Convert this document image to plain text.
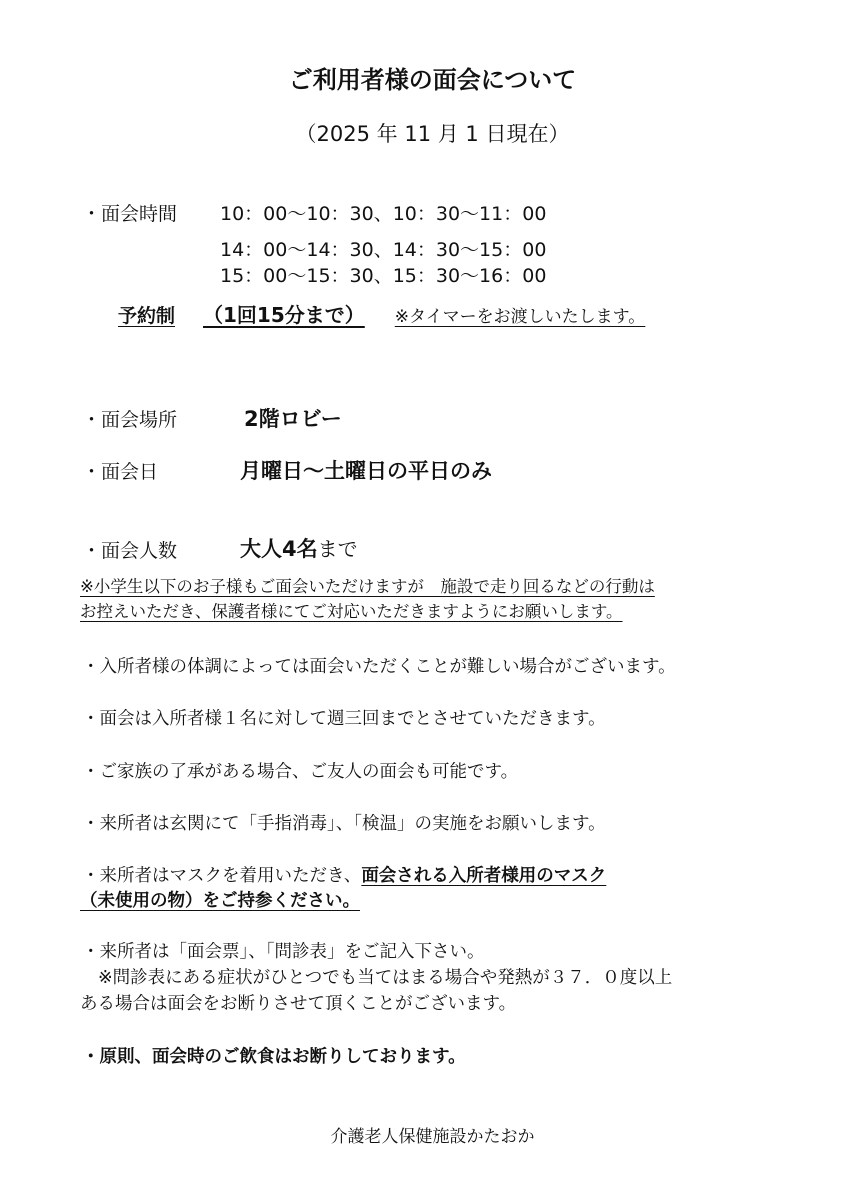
ご利用者様の面会について
（2025 年 11 月 1 日現在）
・面会時間 10：00～10：30、10：30～11：00
14：00～14：30、14：30～15：00
15：00～15：30、15：30～16：00
予約制 （1回15分まで） ※タイマーをお渡しいたします。
・面会場所	2階ロビー
・面会日	月曜日～土曜日の平日のみ
・面会人数	大人4名まで
※小学生以下のお子様もご面会いただけますが　施設で走り回るなどの行動は
お控えいただき、保護者様にてご対応いただきますようにお願いします。
・入所者様の体調によっては面会いただくことが難しい場合がございます。
・面会は入所者様１名に対して週三回までとさせていただきます。
・ご家族の了承がある場合、ご友人の面会も可能です。
・来所者は玄関にて「手指消毒」、「検温」の実施をお願いします。
・来所者はマスクを着用いただき、面会される入所者様用のマスク
（未使用の物）をご持参ください。
・来所者は「面会票」、「問診表」をご記入下さい。
※問診表にある症状がひとつでも当てはまる場合や発熱が３７．０度以上
ある場合は面会をお断りさせて頂くことがございます。
・原則、面会時のご飲食はお断りしております。
介護老人保健施設かたおか
